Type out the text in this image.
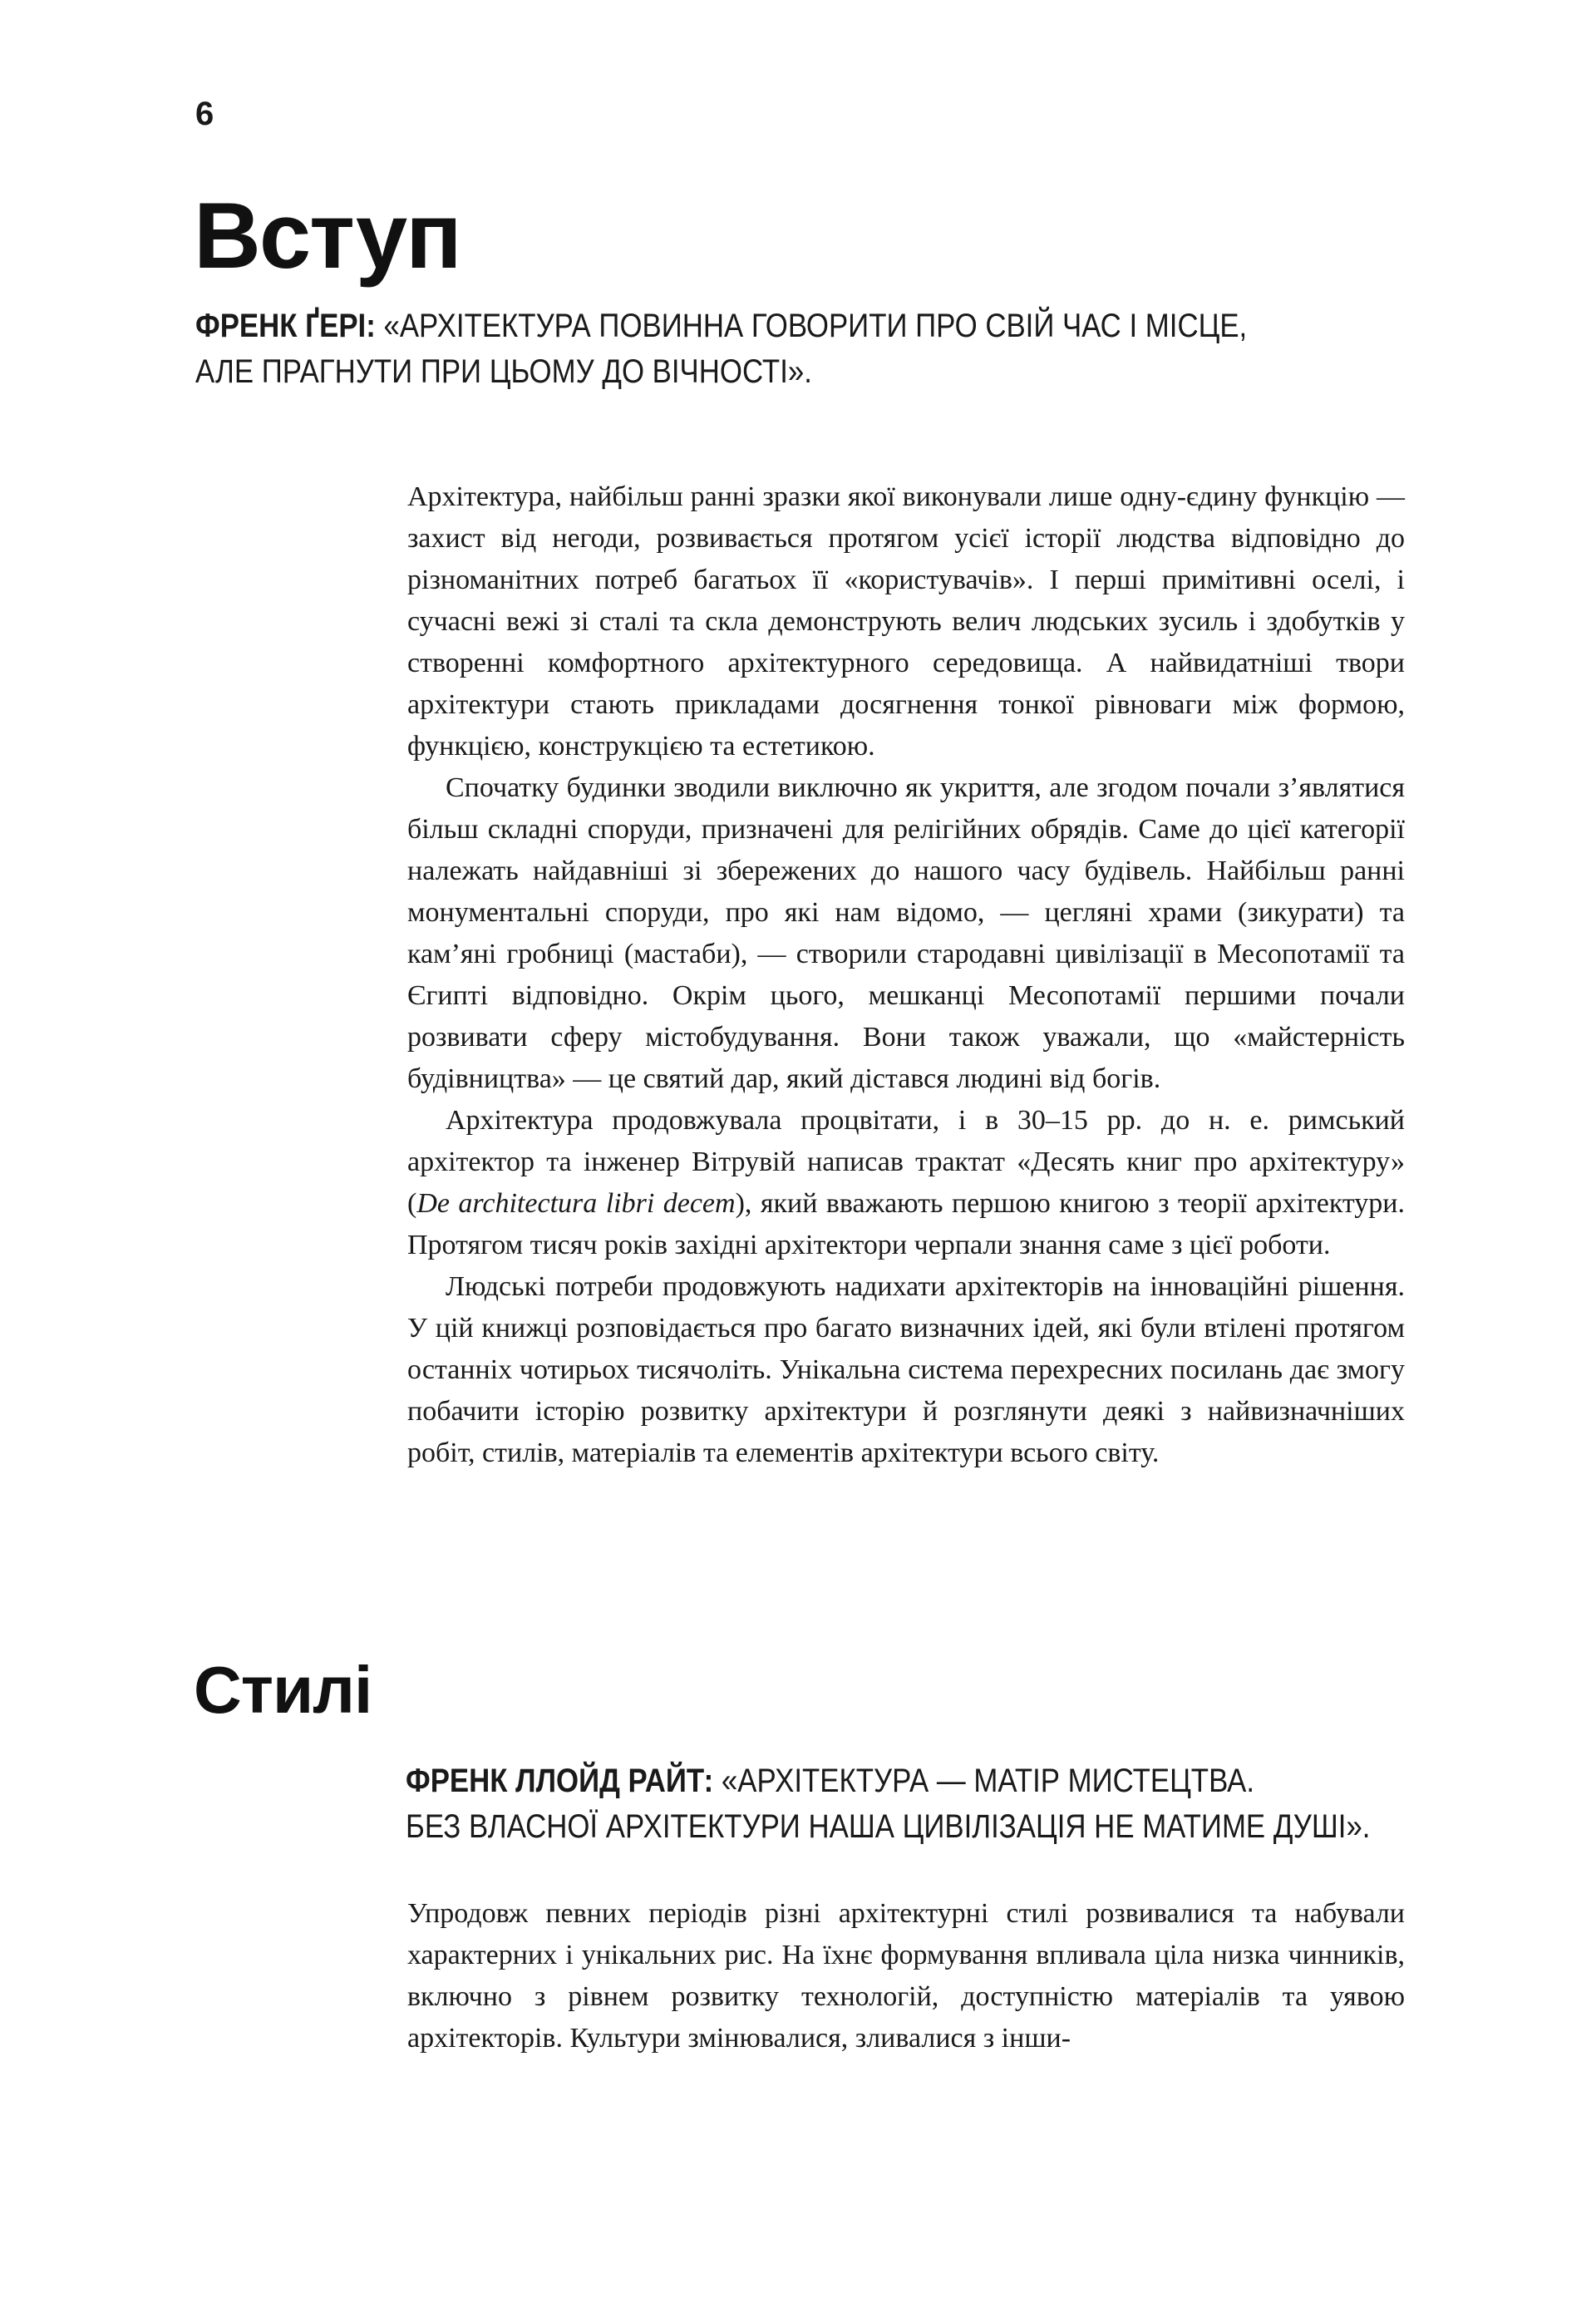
6
Вступ
ФРЕНК ҐЕРІ: «АРХІТЕКТУРА ПОВИННА ГОВОРИТИ ПРО СВІЙ ЧАС І МІСЦЕ,
АЛЕ ПРАГНУТИ ПРИ ЦЬОМУ ДО ВІЧНОСТІ».

Архітектура, найбільш ранні зразки якої виконували лише одну-єдину функцію — захист від негоди, розвивається протягом усієї історії людства відповідно до різноманітних потреб багатьох її «користувачів». І перші примітивні оселі, і сучасні вежі зі сталі та скла демонструють велич людських зусиль і здобутків у створенні комфортного архітектурного середовища. А найвидатніші твори архітектури стають прикладами досягнення тонкої рівноваги між формою, функцією, конструкцією та естетикою.

Спочатку будинки зводили виключно як укриття, але згодом почали з’являтися більш складні споруди, призначені для релігійних обрядів. Саме до цієї категорії належать найдавніші зі збережених до нашого часу будівель. Найбільш ранні монументальні споруди, про які нам відомо, — цегляні храми (зикурати) та кам’яні гробниці (мастаби), — створили стародавні цивілізації в Месопотамії та Єгипті відповідно. Окрім цього, мешканці Месопотамії першими почали розвивати сферу містобудування. Вони також уважали, що «майстерність будівництва» — це святий дар, який дістався людині від богів.

Архітектура продовжувала процвітати, і в 30–15 рр. до н. е. римський архітектор та інженер Вітрувій написав трактат «Десять книг про архітектуру» (De architectura libri decem), який вважають першою книгою з теорії архітектури. Протягом тисяч років західні архітектори черпали знання саме з цієї роботи.

Людські потреби продовжують надихати архітекторів на інноваційні рішення. У цій книжці розповідається про багато визначних ідей, які були втілені протягом останніх чотирьох тисячоліть. Унікальна система перехресних посилань дає змогу побачити історію розвитку архітектури й розглянути деякі з найвизначніших робіт, стилів, матеріалів та елементів архітектури всього світу.

Стилі
ФРЕНК ЛЛОЙД РАЙТ: «АРХІТЕКТУРА — МАТІР МИСТЕЦТВА.
БЕЗ ВЛАСНОЇ АРХІТЕКТУРИ НАША ЦИВІЛІЗАЦІЯ НЕ МАТИМЕ ДУШІ».

Упродовж певних періодів різні архітектурні стилі розвивалися та набували характерних і унікальних рис. На їхнє формування впливала ціла низка чинників, включно з рівнем розвитку технологій, доступністю матеріалів та уявою архітекторів. Культури змінювалися, зливалися з інши-
